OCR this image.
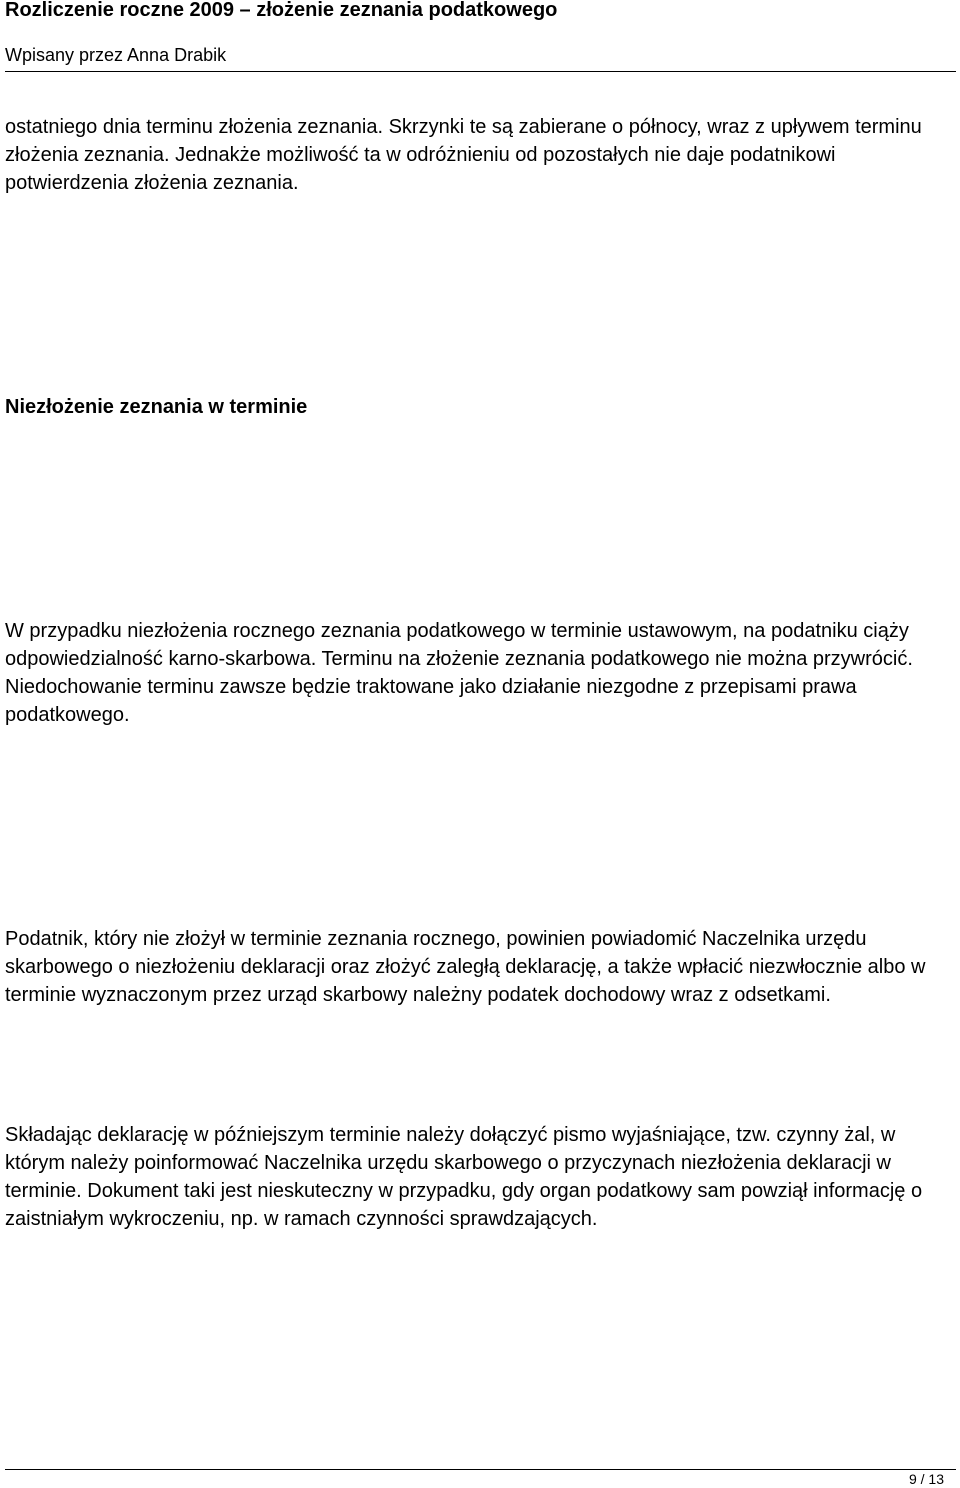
Rozliczenie roczne 2009 – złożenie zeznania podatkowego

Wpisany przez Anna Drabik

ostatniego dnia terminu złożenia zeznania. Skrzynki te są zabierane o północy, wraz z upływem terminu złożenia zeznania. Jednakże możliwość ta w odróżnieniu od pozostałych nie daje podatnikowi potwierdzenia złożenia zeznania.

Niezłożenie zeznania w terminie

W przypadku niezłożenia rocznego zeznania podatkowego w terminie ustawowym, na podatniku ciąży odpowiedzialność karno-skarbowa. Terminu na złożenie zeznania podatkowego nie można przywrócić. Niedochowanie terminu zawsze będzie traktowane jako działanie niezgodne z przepisami prawa podatkowego.

Podatnik, który nie złożył w terminie zeznania rocznego, powinien powiadomić Naczelnika urzędu skarbowego o niezłożeniu deklaracji oraz złożyć zaległą deklarację, a także wpłacić niezwłocznie albo w terminie wyznaczonym przez urząd skarbowy należny podatek dochodowy wraz z odsetkami.

Składając deklarację w późniejszym terminie należy dołączyć pismo wyjaśniające, tzw. czynny żal, w którym należy poinformować Naczelnika urzędu skarbowego o przyczynach niezłożenia deklaracji w terminie. Dokument taki jest nieskuteczny w przypadku, gdy organ podatkowy sam powziął informację o zaistniałym wykroczeniu, np. w ramach czynności sprawdzających.

9 / 13
